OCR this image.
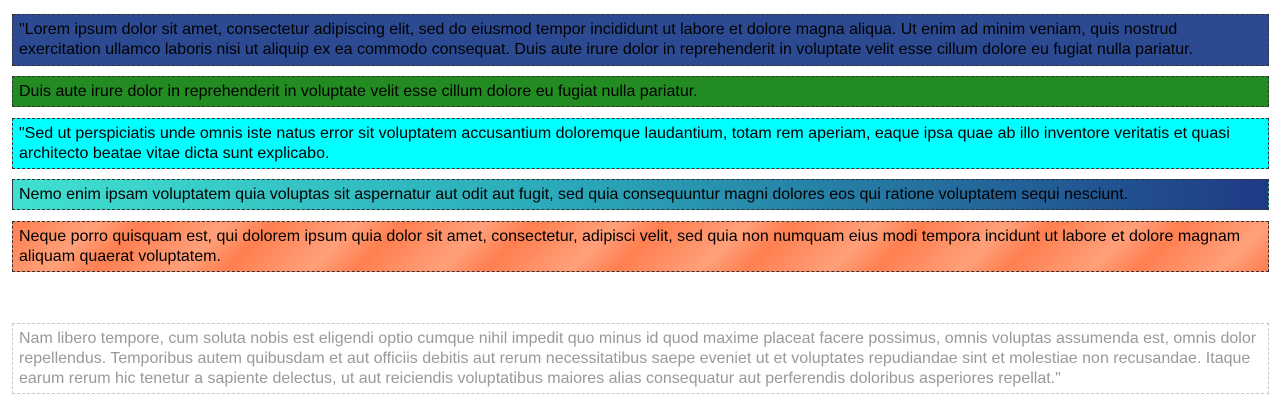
"Lorem ipsum dolor sit amet, consectetur adipiscing elit, sed do eiusmod tempor incididunt ut labore et dolore magna aliqua. Ut enim ad minim veniam, quis nostrud exercitation ullamco laboris nisi ut aliquip ex ea commodo consequat. Duis aute irure dolor in reprehenderit in voluptate velit esse cillum dolore eu fugiat nulla pariatur.
Duis aute irure dolor in reprehenderit in voluptate velit esse cillum dolore eu fugiat nulla pariatur.
"Sed ut perspiciatis unde omnis iste natus error sit voluptatem accusantium doloremque laudantium, totam rem aperiam, eaque ipsa quae ab illo inventore veritatis et quasi architecto beatae vitae dicta sunt explicabo.
Nemo enim ipsam voluptatem quia voluptas sit aspernatur aut odit aut fugit, sed quia consequuntur magni dolores eos qui ratione voluptatem sequi nesciunt.
Neque porro quisquam est, qui dolorem ipsum quia dolor sit amet, consectetur, adipisci velit, sed quia non numquam eius modi tempora incidunt ut labore et dolore magnam aliquam quaerat voluptatem.
Nam libero tempore, cum soluta nobis est eligendi optio cumque nihil impedit quo minus id quod maxime placeat facere possimus, omnis voluptas assumenda est, omnis dolor repellendus. Temporibus autem quibusdam et aut officiis debitis aut rerum necessitatibus saepe eveniet ut et voluptates repudiandae sint et molestiae non recusandae. Itaque earum rerum hic tenetur a sapiente delectus, ut aut reiciendis voluptatibus maiores alias consequatur aut perferendis doloribus asperiores repellat."
